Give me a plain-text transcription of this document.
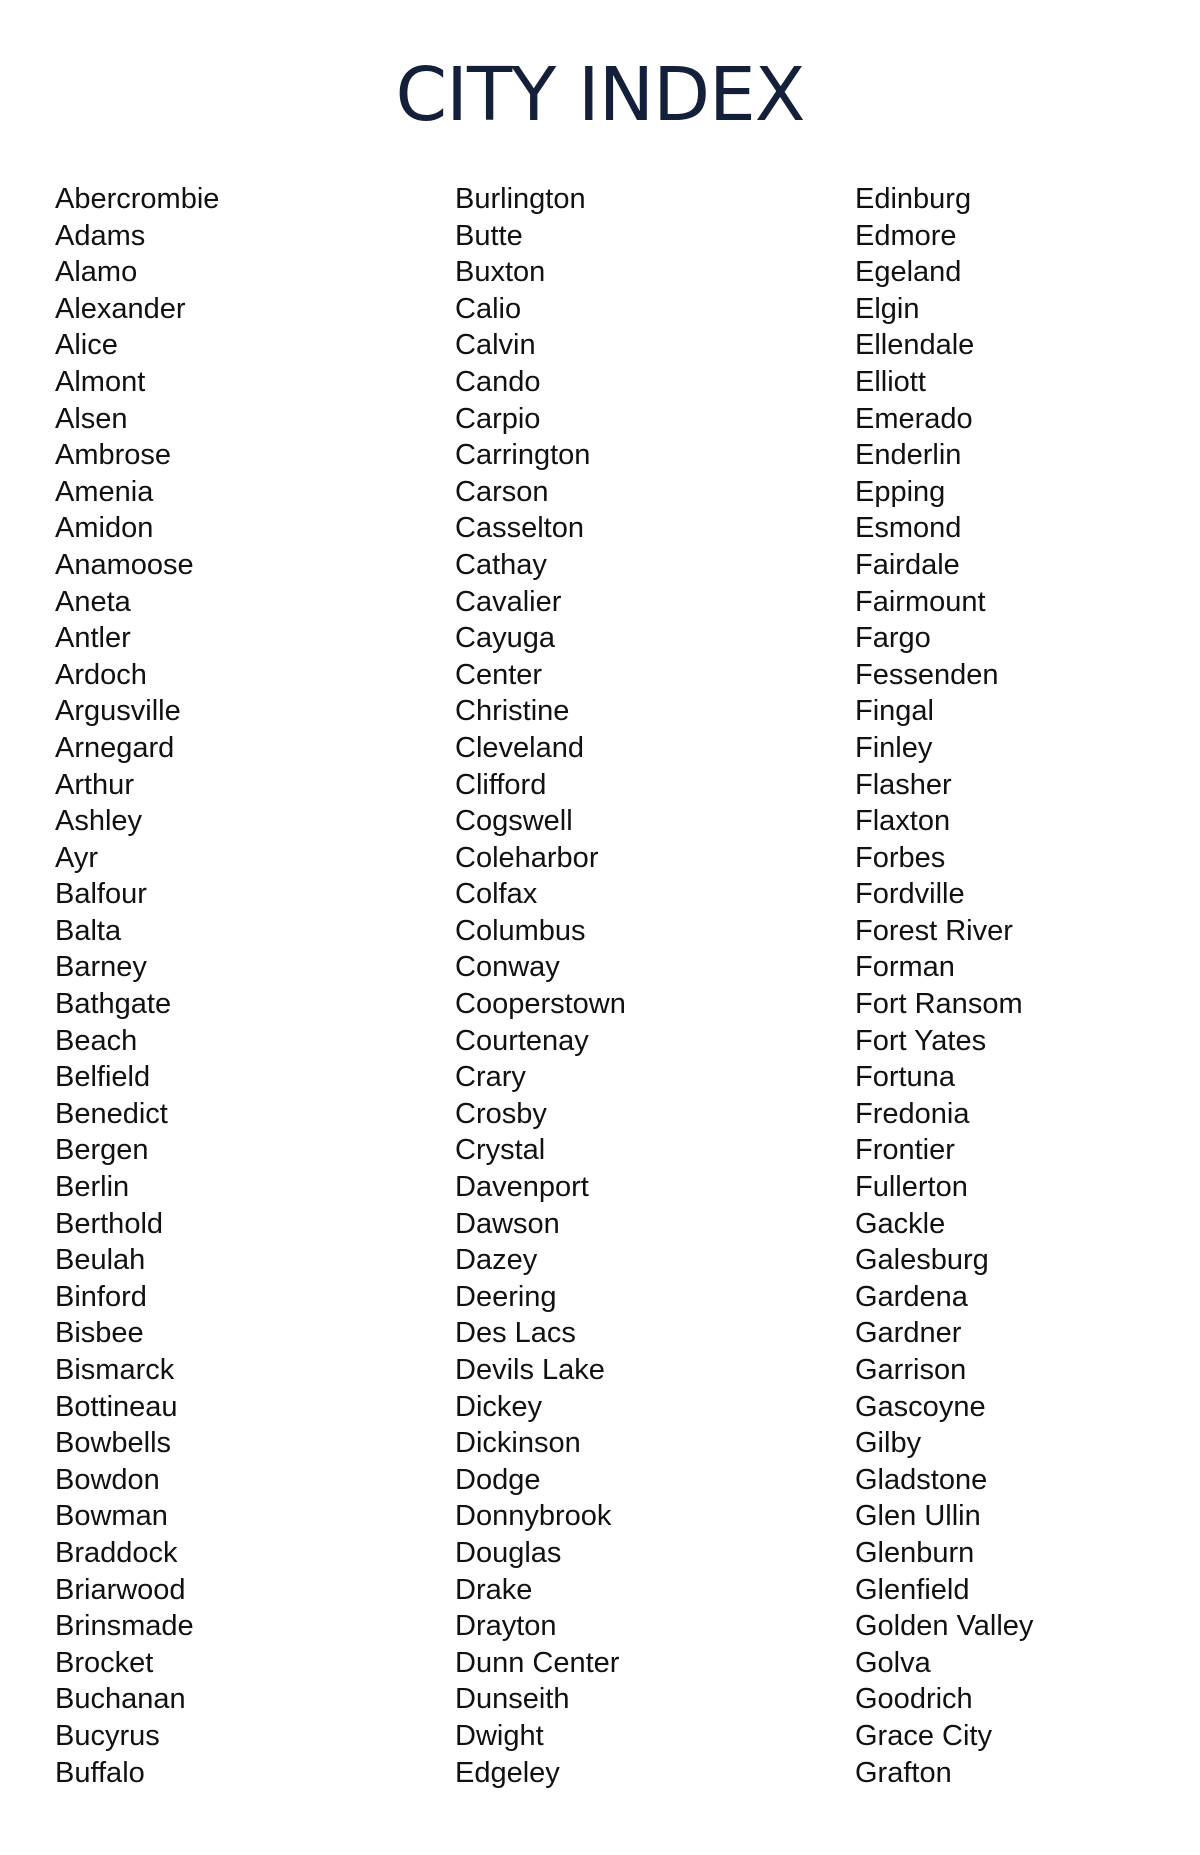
CITY INDEX
Abercrombie
Adams
Alamo
Alexander
Alice
Almont
Alsen
Ambrose
Amenia
Amidon
Anamoose
Aneta
Antler
Ardoch
Argusville
Arnegard
Arthur
Ashley
Ayr
Balfour
Balta
Barney
Bathgate
Beach
Belfield
Benedict
Bergen
Berlin
Berthold
Beulah
Binford
Bisbee
Bismarck
Bottineau
Bowbells
Bowdon
Bowman
Braddock
Briarwood
Brinsmade
Brocket
Buchanan
Bucyrus
Buffalo
Burlington
Butte
Buxton
Calio
Calvin
Cando
Carpio
Carrington
Carson
Casselton
Cathay
Cavalier
Cayuga
Center
Christine
Cleveland
Clifford
Cogswell
Coleharbor
Colfax
Columbus
Conway
Cooperstown
Courtenay
Crary
Crosby
Crystal
Davenport
Dawson
Dazey
Deering
Des Lacs
Devils Lake
Dickey
Dickinson
Dodge
Donnybrook
Douglas
Drake
Drayton
Dunn Center
Dunseith
Dwight
Edgeley
Edinburg
Edmore
Egeland
Elgin
Ellendale
Elliott
Emerado
Enderlin
Epping
Esmond
Fairdale
Fairmount
Fargo
Fessenden
Fingal
Finley
Flasher
Flaxton
Forbes
Fordville
Forest River
Forman
Fort Ransom
Fort Yates
Fortuna
Fredonia
Frontier
Fullerton
Gackle
Galesburg
Gardena
Gardner
Garrison
Gascoyne
Gilby
Gladstone
Glen Ullin
Glenburn
Glenfield
Golden Valley
Golva
Goodrich
Grace City
Grafton
